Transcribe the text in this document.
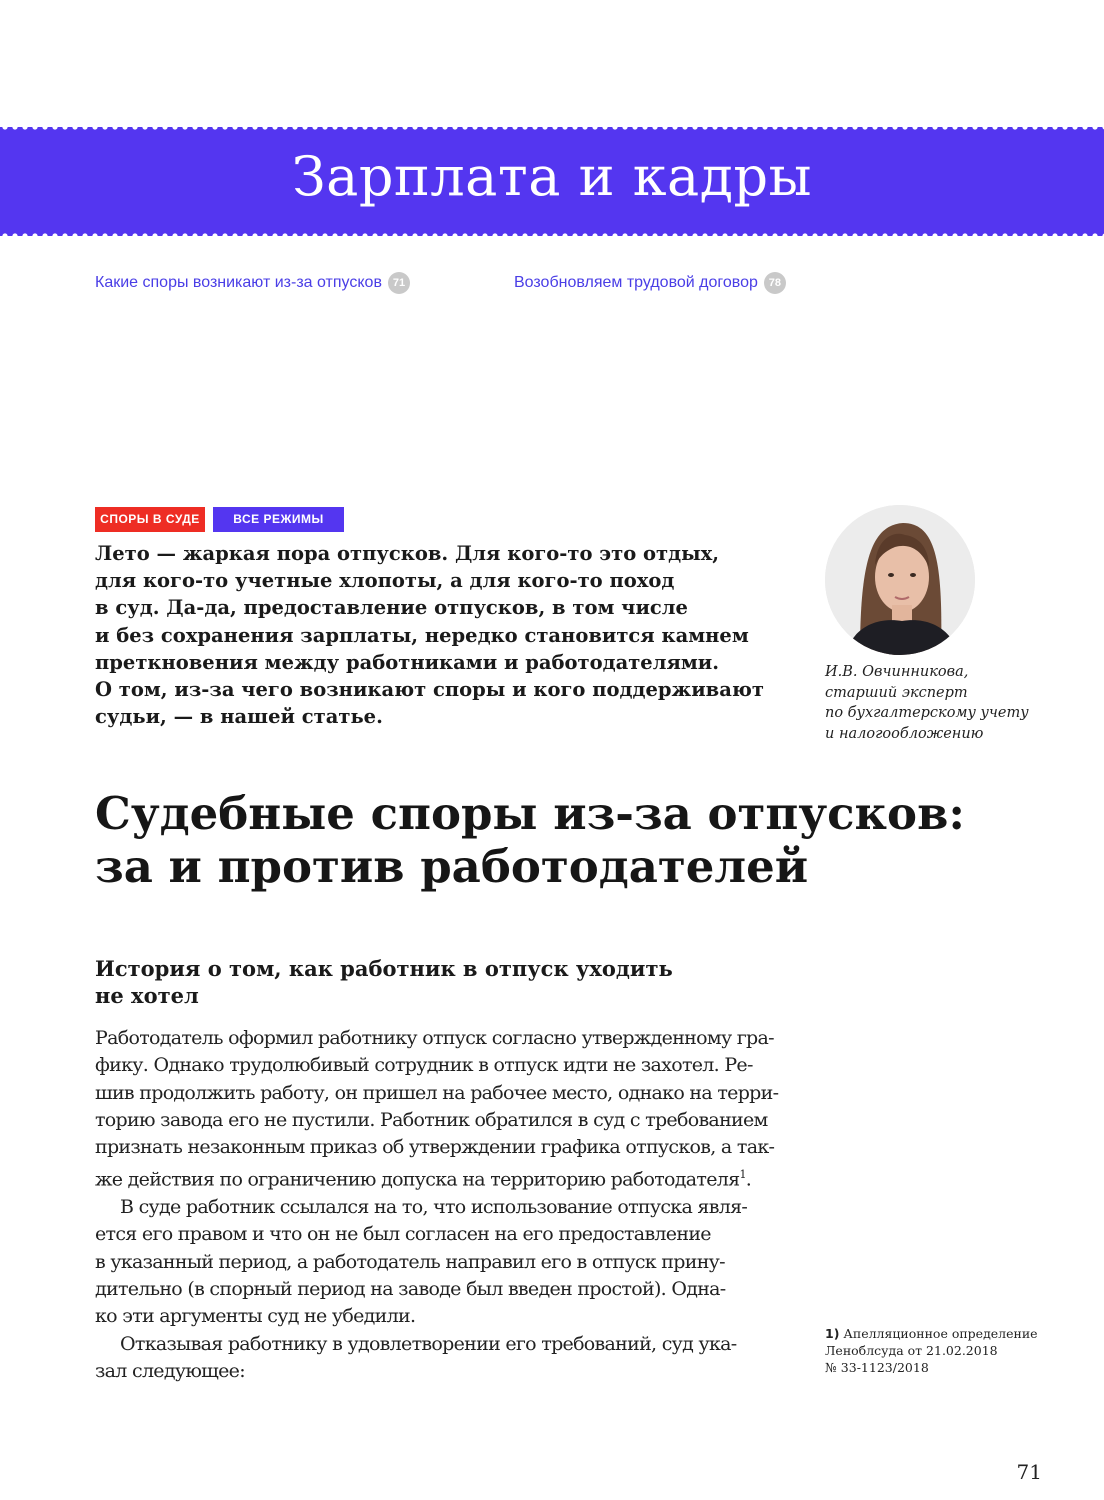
Зарплата и кадры
Какие споры возникают из-за отпусков 71	Возобновляем трудовой договор 78
СПОРЫ В СУДЕ	ВСЕ РЕЖИМЫ
Лето — жаркая пора отпусков. Для кого-то это отдых,
для кого-то учетные хлопоты, а для кого-то поход
в суд. Да-да, предоставление отпусков, в том числе
и без сохранения зарплаты, нередко становится камнем
преткновения между работниками и работодателями.
О том, из-за чего возникают споры и кого поддерживают
судьи, — в нашей статье.
И.В. Овчинникова,
старший эксперт
по бухгалтерскому учету
и налогообложению
Судебные споры из-за отпусков:
за и против работодателей
История о том, как работник в отпуск уходить
не хотел
Работодатель оформил работнику отпуск согласно утвержденному гра-
фику. Однако трудолюбивый сотрудник в отпуск идти не захотел. Ре-
шив продолжить работу, он пришел на рабочее место, однако на терри-
торию завода его не пустили. Работник обратился в суд с требованием
признать незаконным приказ об утверждении графика отпусков, а так-
же действия по ограничению допуска на территорию работодателя$^1$.
В суде работник ссылался на то, что использование отпуска явля-
ется его правом и что он не был согласен на его предоставление
в указанный период, а работодатель направил его в отпуск прину-
дительно (в спорный период на заводе был введен простой). Одна-
ко эти аргументы суд не убедили.
Отказывая работнику в удовлетворении его требований, суд ука-
зал следующее:
1) Апелляционное определение
Ленoблсуда от 21.02.2018
№ 33-1123/2018
71
